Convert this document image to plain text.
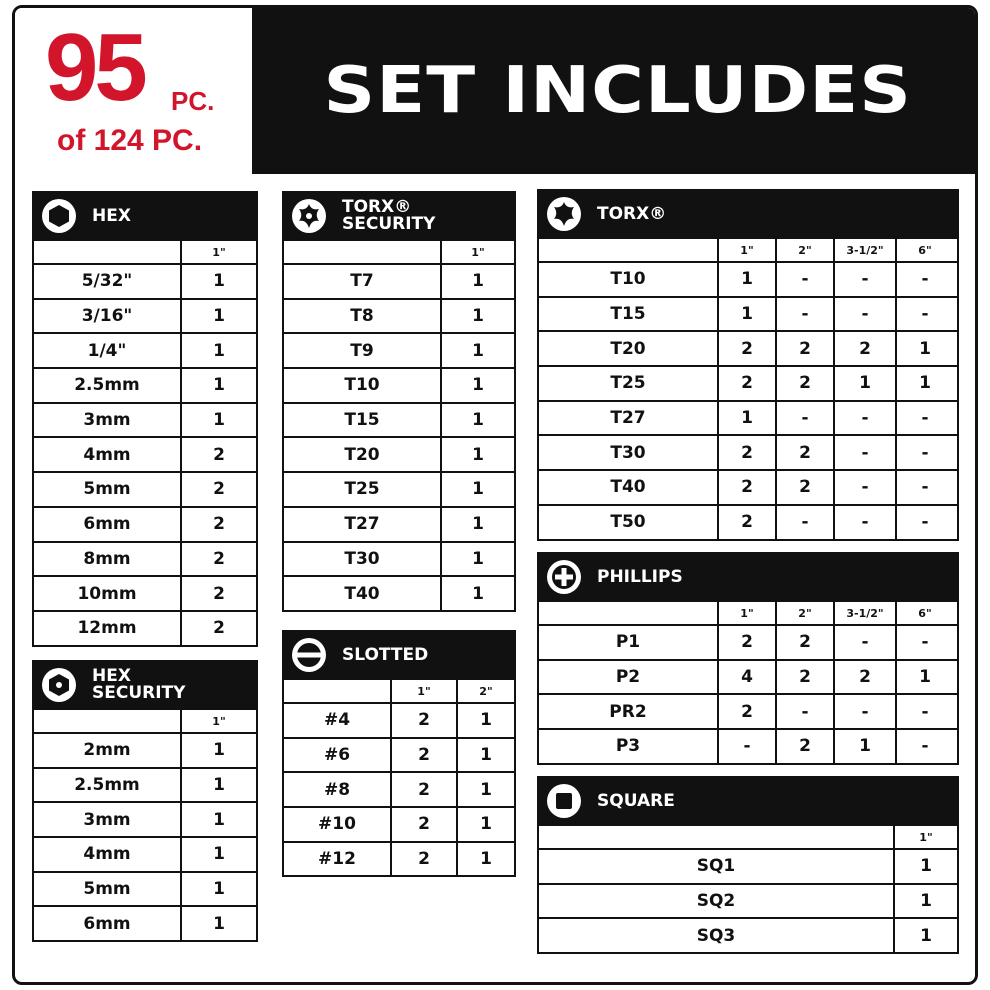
95 PC.
of 124 PC.
SET INCLUDES
HEX
1"
5/32"	1
3/16"	1
1/4"	1
2.5mm	1
3mm	1
4mm	2
5mm	2
6mm	2
8mm	2
10mm	2
12mm	2
HEX
SECURITY
1"
2mm	1
2.5mm	1
3mm	1
4mm	1
5mm	1
6mm	1
TORX®
SECURITY
1"
T7	1
T8	1
T9	1
T10	1
T15	1
T20	1
T25	1
T27	1
T30	1
T40	1
SLOTTED
1"	2"
#4	2	1
#6	2	1
#8	2	1
#10	2	1
#12	2	1
TORX®
1"	2"	3-1/2"	6"
T10	1	-	-	-
T15	1	-	-	-
T20	2	2	2	1
T25	2	2	1	1
T27	1	-	-	-
T30	2	2	-	-
T40	2	2	-	-
T50	2	-	-	-
PHILLIPS
1"	2"	3-1/2"	6"
P1	2	2	-	-
P2	4	2	2	1
PR2	2	-	-	-
P3	-	2	1	-
SQUARE
1"
SQ1	1
SQ2	1
SQ3	1
